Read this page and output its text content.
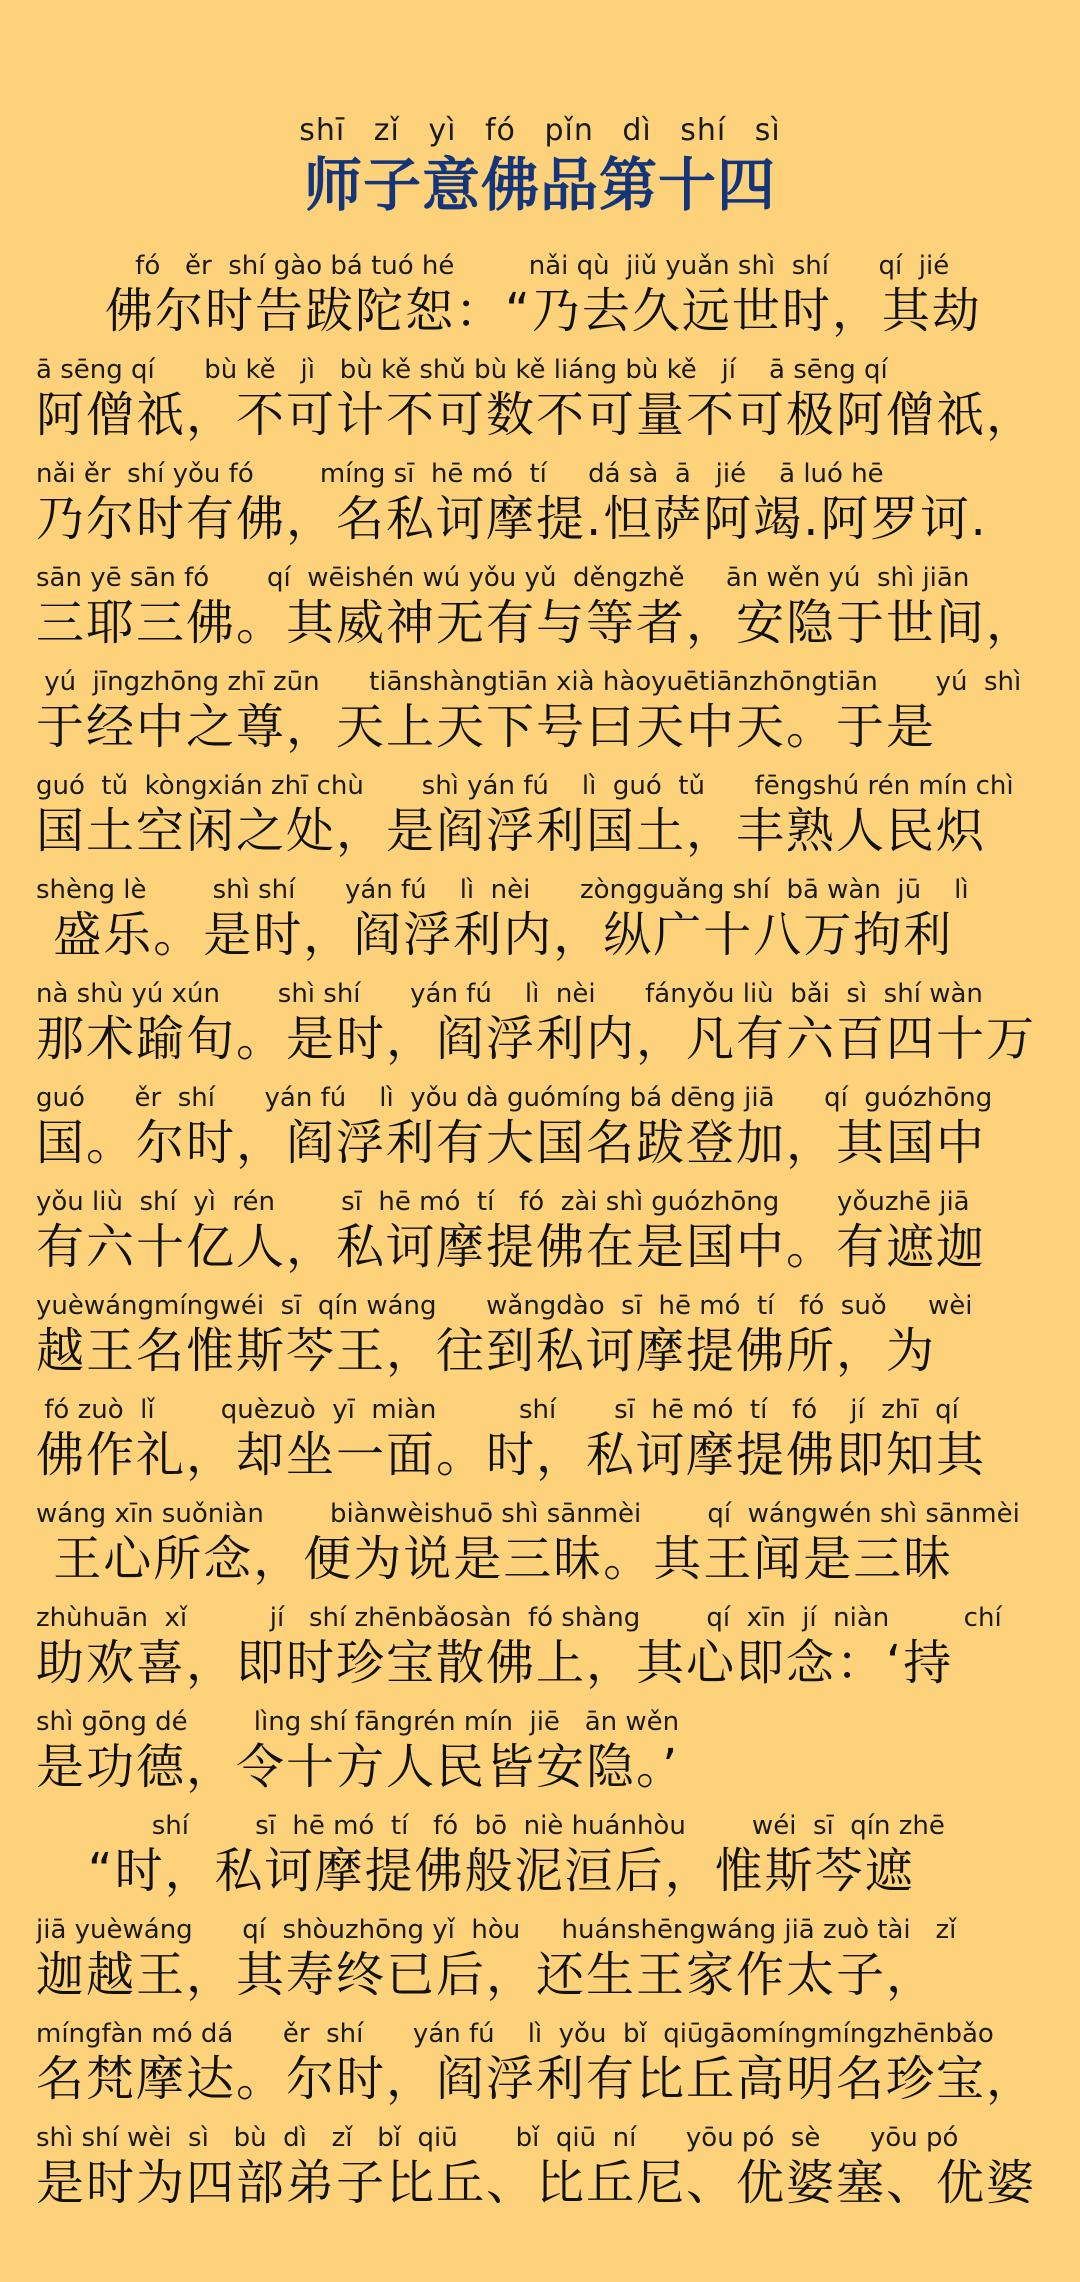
shī zǐ yì fó pǐn dì shí sì
师子意佛品第十四
fó   ěr  shí gào bá tuó hé         nǎi qù  jiǔ yuǎn shì  shí      qí  jié
佛尔时告跋陀恕：“乃去久远世时，其劫
ā sēng qí      bù kě   jì   bù kě shǔ bù kě liáng bù kě   jí    ā sēng qí
阿僧祇，不可计不可数不可量不可极阿僧祇，
nǎi ěr  shí yǒu fó        míng sī  hē mó  tí     dá sà  ā   jié    ā luó hē
乃尔时有佛，名私诃摩提.怛萨阿竭.阿罗诃.
sān yē sān fó       qí  wēishén wú yǒu yǔ  děngzhě     ān wěn yú  shì jiān
三耶三佛。其威神无有与等者，安隐于世间，
yú  jīngzhōng zhī zūn      tiānshàngtiān xià hàoyuētiānzhōngtiān       yú  shì
于经中之尊，天上天下号曰天中天。于是
guó  tǔ  kòngxián zhī chù       shì yán fú    lì  guó  tǔ      fēngshú rén mín chì
国土空闲之处，是阎浮利国土，丰熟人民炽
shèng lè        shì shí      yán fú    lì  nèi      zòngguǎng shí  bā wàn  jū    lì
盛乐。是时，阎浮利内，纵广十八万拘利
nà shù yú xún       shì shí      yán fú    lì  nèi      fányǒu liù  bǎi  sì  shí wàn
那术踰旬。是时，阎浮利内，凡有六百四十万
guó      ěr  shí      yán fú    lì  yǒu dà guómíng bá dēng jiā      qí  guózhōng
国。尔时，阎浮利有大国名跋登加，其国中
yǒu liù  shí  yì  rén        sī  hē mó  tí   fó  zài shì guózhōng       yǒuzhē jiā
有六十亿人，私诃摩提佛在是国中。有遮迦
yuèwángmíngwéi  sī  qín wáng      wǎngdào  sī  hē mó  tí   fó  suǒ     wèi
越王名惟斯芩王，往到私诃摩提佛所，为
fó zuò  lǐ        quèzuò  yī  miàn          shí       sī  hē mó  tí   fó    jí  zhī  qí
佛作礼，却坐一面。时，私诃摩提佛即知其
wáng xīn suǒniàn        biànwèishuō shì sānmèi        qí  wángwén shì sānmèi
王心所念，便为说是三昧。其王闻是三昧
zhùhuān  xǐ          jí   shí zhēnbǎosàn  fó shàng        qí  xīn  jí  niàn         chí
助欢喜，即时珍宝散佛上，其心即念：‘持
shì gōng dé        lìng shí fāngrén mín  jiē   ān wěn
是功德，令十方人民皆安隐。’
shí        sī  hē mó  tí   fó  bō  niè huánhòu        wéi  sī  qín zhē
“时，私诃摩提佛般泥洹后，惟斯芩遮
jiā yuèwáng      qí  shòuzhōng yǐ  hòu     huánshēngwáng jiā zuò tài   zǐ
迦越王，其寿终已后，还生王家作太子，
míngfàn mó dá      ěr  shí      yán fú    lì  yǒu  bǐ  qiūgāomíngmíngzhēnbǎo
名梵摩达。尔时，阎浮利有比丘高明名珍宝，
shì shí wèi  sì   bù  dì   zǐ   bǐ  qiū       bǐ  qiū  ní      yōu pó  sè      yōu pó
是时为四部弟子比丘、比丘尼、优婆塞、优婆
